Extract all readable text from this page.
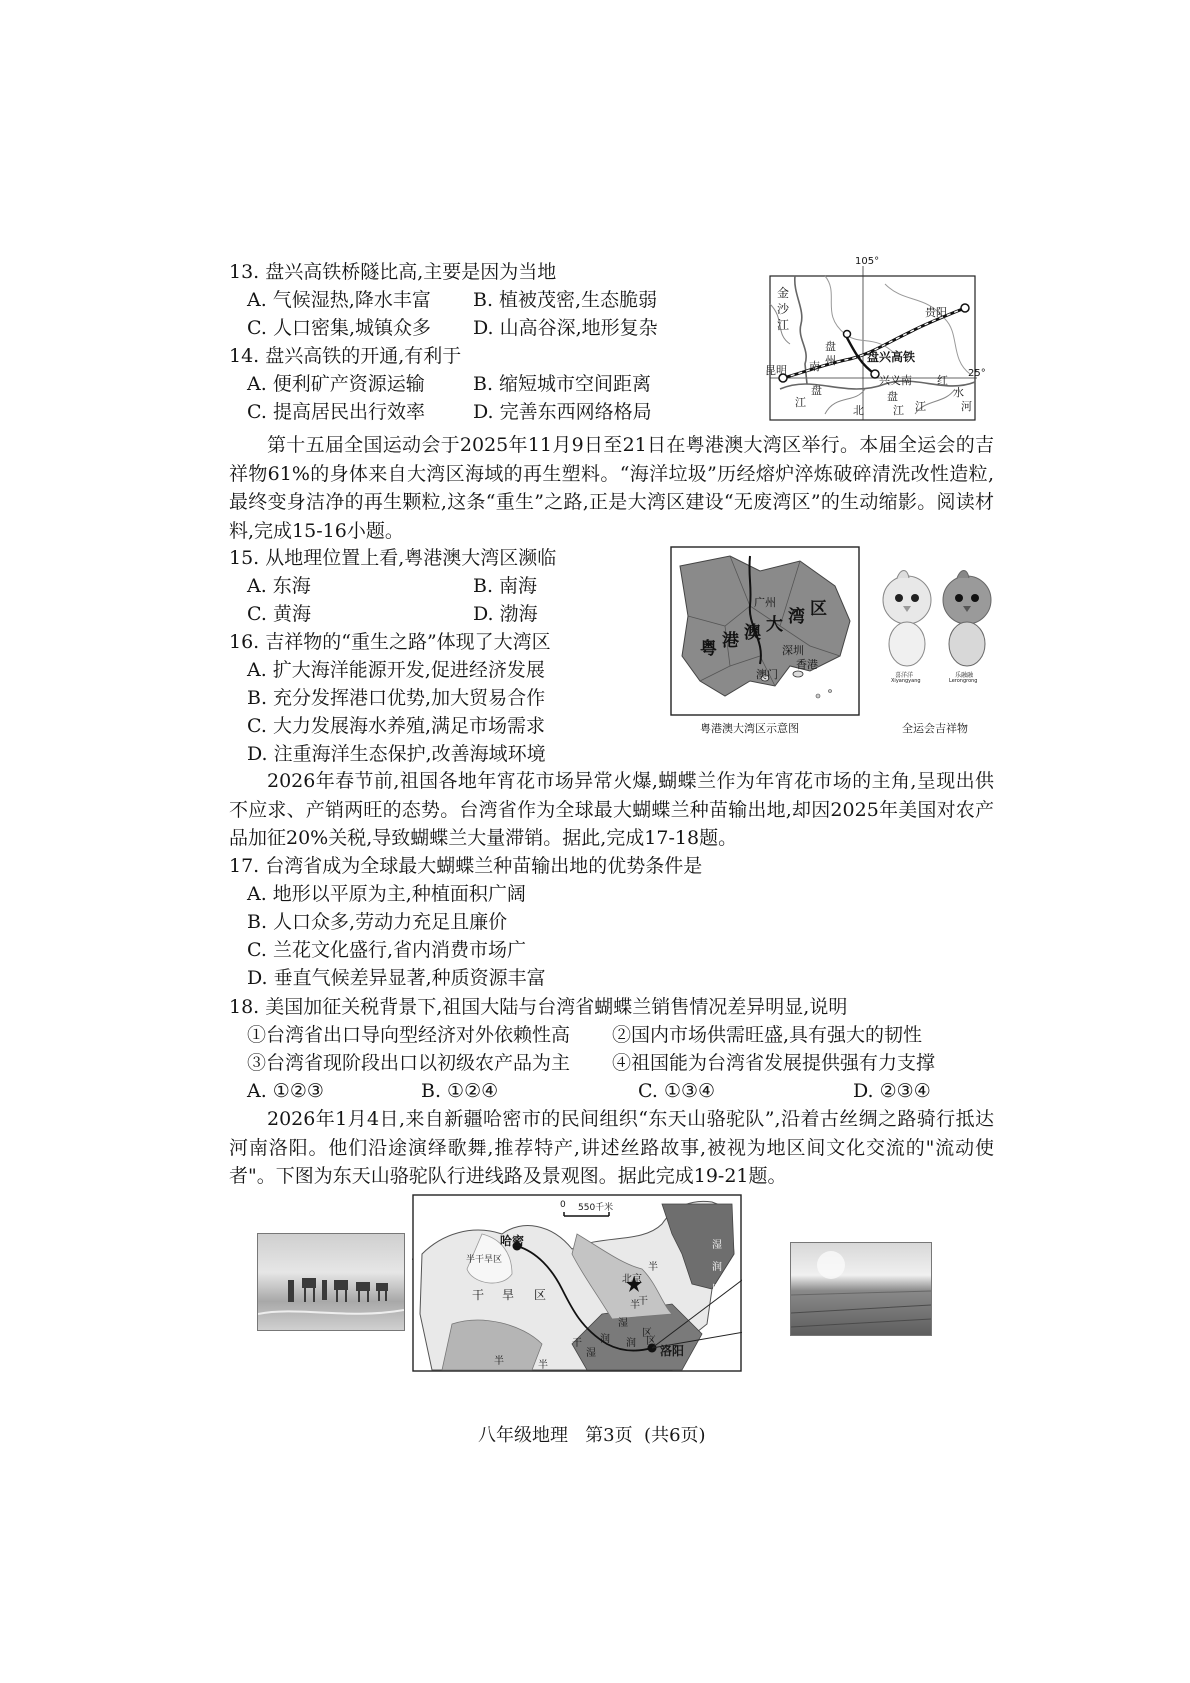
13. 盘兴高铁桥隧比高,主要是因为当地
A. 气候湿热,降水丰富 B. 植被茂密,生态脆弱
C. 人口密集,城镇众多 D. 山高谷深,地形复杂
14. 盘兴高铁的开通,有利于
A. 便利矿产资源运输	B. 缩短城市空间距离
C. 提高居民出行效率	D. 完善东西网络格局
105°
25°
金
沙
江
贵阳
盘
州	盘兴高铁
昆明 南
兴义南 红
水
盘
江	盘
北	江 江	河
第十五届全国运动会于2025年11月9日至21日在粤港澳大湾区举行。本届全运会的吉祥物61%的身体来自大湾区海域的再生塑料。“海洋垃圾”历经熔炉淬炼破碎清洗改性造粒,最终变身洁净的再生颗粒,这条“重生”之路,正是大湾区建设“无废湾区”的生动缩影。阅读材料,完成15-16小题。
15. 从地理位置上看,粤港澳大湾区濒临
A. 东海	B. 南海
C. 黄海	D. 渤海
16. 吉祥物的“重生之路”体现了大湾区
A. 扩大海洋能源开发,促进经济发展
B. 充分发挥港口优势,加大贸易合作
C. 大力发展海水养殖,满足市场需求
D. 注重海洋生态保护,改善海域环境
广州
深圳
香港
澳门
粤 港 澳 大 湾 区
粤港澳大湾区示意图
喜洋洋
Xiyangyang
乐融融
Lerongrong
全运会吉祥物
2026年春节前,祖国各地年宵花市场异常火爆,蝴蝶兰作为年宵花市场的主角,呈现出供不应求、产销两旺的态势。台湾省作为全球最大蝴蝶兰种苗输出地,却因2025年美国对农产品加征20%关税,导致蝴蝶兰大量滞销。据此,完成17-18题。
17. 台湾省成为全球最大蝴蝶兰种苗输出地的优势条件是
A. 地形以平原为主,种植面积广阔
B. 人口众多,劳动力充足且廉价
C. 兰花文化盛行,省内消费市场广
D. 垂直气候差异显著,种质资源丰富
18. 美国加征关税背景下,祖国大陆与台湾省蝴蝶兰销售情况差异明显,说明
①台湾省出口导向型经济对外依赖性高 ②国内市场供需旺盛,具有强大的韧性
③台湾省现阶段出口以初级农产品为主 ④祖国能为台湾省发展提供强有力支撑
A. ①②③	B. ①②④	C. ①③④	D. ②③④
2026年1月4日,来自新疆哈密市的民间组织“东天山骆驼队”,沿着古丝绸之路骑行抵达河南洛阳。他们沿途演绎歌舞,推荐特产,讲述丝路故事,被视为地区间文化交流的"流动使者"。下图为东天山骆驼队行进线路及景观图。据此完成19-21题。
0 550千米
哈密
半干旱区
洛阳
北京
干 旱 区
湿
润
区
半
干
湿
润
区
半
湿
润 区
半
干
半
八年级地理   第3页  (共6页)
